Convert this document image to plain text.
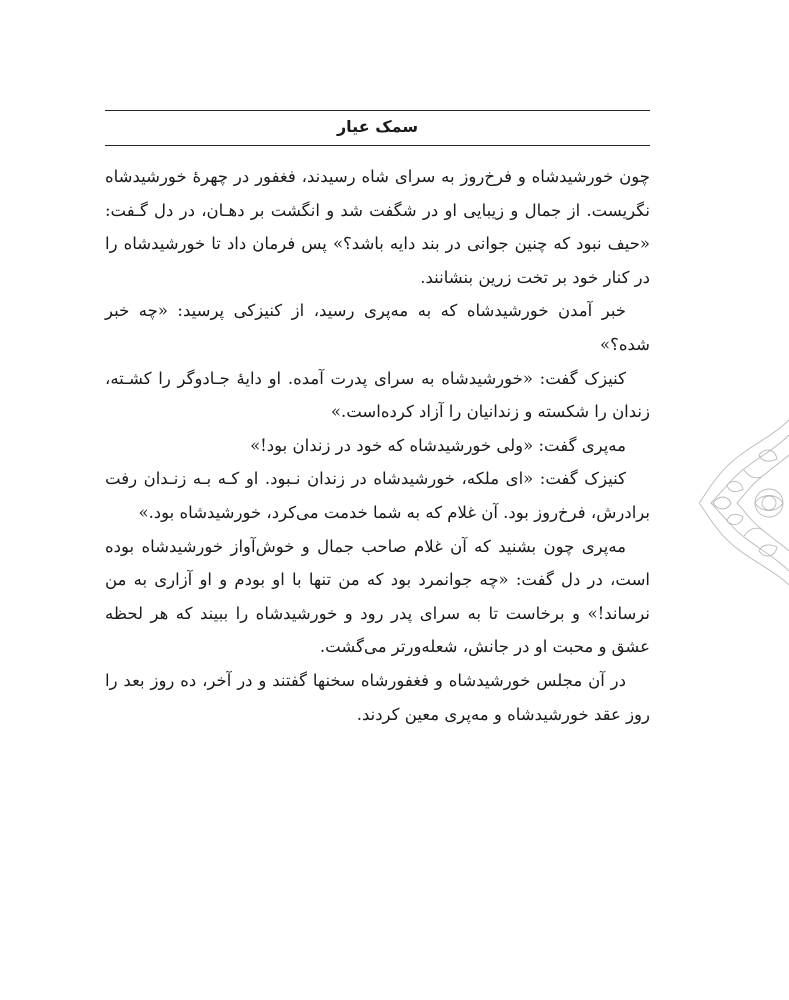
سمک عیار

چون خورشیدشاه و فرخ‌روز به سرای شاه رسیدند، فغفور در چهرهٔ خورشیدشاه نگریست. از جمال و زیبایی او در شگفت شد و انگشت بر دهـان، در دل گـفت: «حیف نبود که چنین جوانی در بند دایه باشد؟» پس فرمان داد تا خورشیدشاه را در کنار خود بر تخت زرین بنشانند.

خبر آمدن خورشیدشاه که به مه‌پری رسید، از کنیزکی پرسید: «چه خبر شده؟»

کنیزک گفت: «خورشیدشاه به سرای پدرت آمده. او دایهٔ جـادوگر را کشـته، زندان را شکسته و زندانیان را آزاد کرده‌است.»

مه‌پری گفت: «ولی خورشیدشاه که خود در زندان بود!»

کنیزک گفت: «ای ملکه، خورشیدشاه در زندان نـبود. او کـه بـه زنـدان رفت برادرش، فرخ‌روز بود. آن غلام که به شما خدمت می‌کرد، خورشیدشاه بود.»

مه‌پری چون بشنید که آن غلام صاحب جمال و خوش‌آواز خورشیدشاه بوده است، در دل گفت: «چه جوانمرد بود که من تنها با او بودم و او آزاری به من نرساند!» و برخاست تا به سرای پدر رود و خورشیدشاه را ببیند که هر لحظه عشق و محبت او در جانش، شعله‌ورتر می‌گشت.

در آن مجلس خورشیدشاه و فغفورشاه سخنها گفتند و در آخر، ده روز بعد را روز عقد خورشیدشاه و مه‌پری معین کردند.
